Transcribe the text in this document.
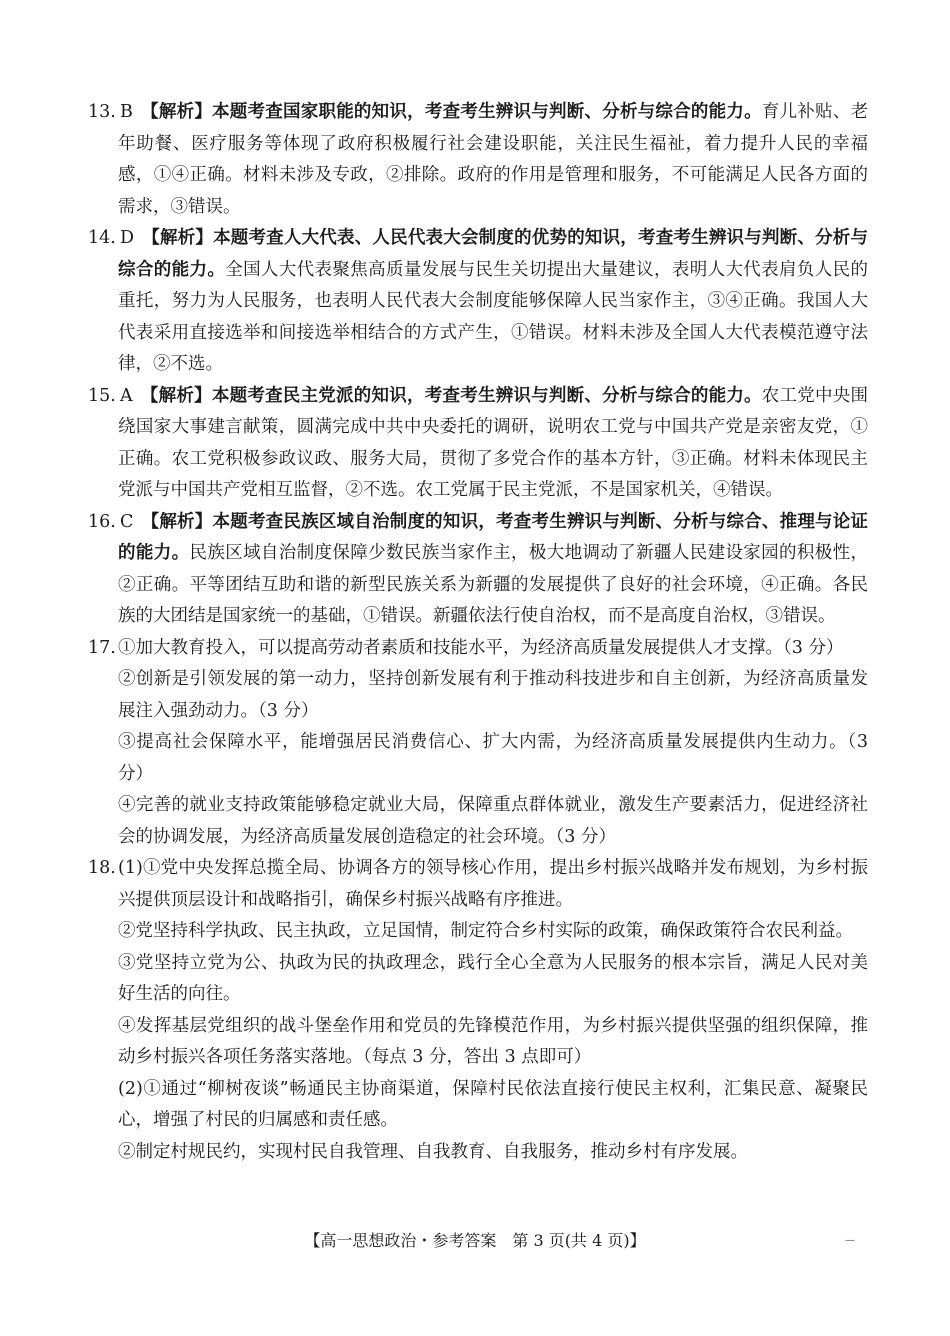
13. B 【解析】本题考查国家职能的知识，考查考生辨识与判断、分析与综合的能力。育儿补贴、老年助餐、医疗服务等体现了政府积极履行社会建设职能，关注民生福祉，着力提升人民的幸福感，①④正确。材料未涉及专政，②排除。政府的作用是管理和服务，不可能满足人民各方面的需求，③错误。
14. D 【解析】本题考查人大代表、人民代表大会制度的优势的知识，考查考生辨识与判断、分析与综合的能力。全国人大代表聚焦高质量发展与民生关切提出大量建议，表明人大代表肩负人民的重托，努力为人民服务，也表明人民代表大会制度能够保障人民当家作主，③④正确。我国人大代表采用直接选举和间接选举相结合的方式产生，①错误。材料未涉及全国人大代表模范遵守法律，②不选。
15. A 【解析】本题考查民主党派的知识，考查考生辨识与判断、分析与综合的能力。农工党中央围绕国家大事建言献策，圆满完成中共中央委托的调研，说明农工党与中国共产党是亲密友党，①正确。农工党积极参政议政、服务大局，贯彻了多党合作的基本方针，③正确。材料未体现民主党派与中国共产党相互监督，②不选。农工党属于民主党派，不是国家机关，④错误。
16. C 【解析】本题考查民族区域自治制度的知识，考查考生辨识与判断、分析与综合、推理与论证的能力。民族区域自治制度保障少数民族当家作主，极大地调动了新疆人民建设家园的积极性，②正确。平等团结互助和谐的新型民族关系为新疆的发展提供了良好的社会环境，④正确。各民族的大团结是国家统一的基础，①错误。新疆依法行使自治权，而不是高度自治权，③错误。
17. ①加大教育投入，可以提高劳动者素质和技能水平，为经济高质量发展提供人才支撑。（3 分）

②创新是引领发展的第一动力，坚持创新发展有利于推动科技进步和自主创新，为经济高质量发展注入强劲动力。（3 分）

③提高社会保障水平，能增强居民消费信心、扩大内需，为经济高质量发展提供内生动力。（3 分）

④完善的就业支持政策能够稳定就业大局，保障重点群体就业，激发生产要素活力，促进经济社会的协调发展，为经济高质量发展创造稳定的社会环境。（3 分）

18. (1)①党中央发挥总揽全局、协调各方的领导核心作用，提出乡村振兴战略并发布规划，为乡村振兴提供顶层设计和战略指引，确保乡村振兴战略有序推进。

②党坚持科学执政、民主执政，立足国情，制定符合乡村实际的政策，确保政策符合农民利益。

③党坚持立党为公、执政为民的执政理念，践行全心全意为人民服务的根本宗旨，满足人民对美好生活的向往。

④发挥基层党组织的战斗堡垒作用和党员的先锋模范作用，为乡村振兴提供坚强的组织保障，推动乡村振兴各项任务落实落地。（每点 3 分，答出 3 点即可）

(2)①通过“柳树夜谈”畅通民主协商渠道，保障村民依法直接行使民主权利，汇集民意、凝聚民心，增强了村民的归属感和责任感。

②制定村规民约，实现村民自我管理、自我教育、自我服务，推动乡村有序发展。

【高一思想政治・参考答案　第 3 页(共 4 页)】	—
